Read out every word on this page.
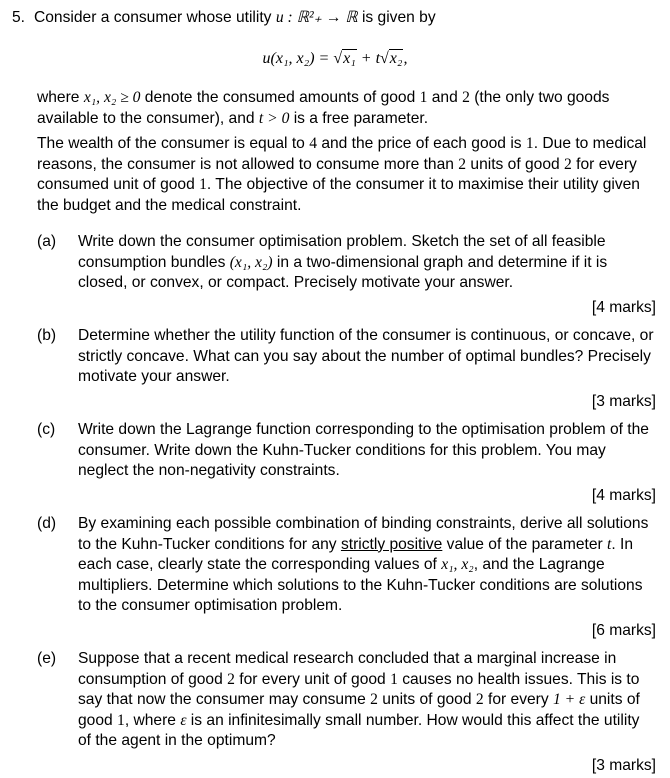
5. Consider a consumer whose utility u : ℝ²₊ → ℝ is given by
u(x₁, x₂) = √x₁ + t√x₂,
where x₁, x₂ ≥ 0 denote the consumed amounts of good 1 and 2 (the only two goods available to the consumer), and t > 0 is a free parameter.
The wealth of the consumer is equal to 4 and the price of each good is 1. Due to medical reasons, the consumer is not allowed to consume more than 2 units of good 2 for every consumed unit of good 1. The objective of the consumer it to maximise their utility given the budget and the medical constraint.
(a)	Write down the consumer optimisation problem. Sketch the set of all feasible consumption bundles (x₁, x₂) in a two-dimensional graph and determine if it is closed, or convex, or compact. Precisely motivate your answer.
[4 marks]
(b)	Determine whether the utility function of the consumer is continuous, or concave, or strictly concave. What can you say about the number of optimal bundles? Precisely motivate your answer.
[3 marks]
(c)	Write down the Lagrange function corresponding to the optimisation problem of the consumer. Write down the Kuhn-Tucker conditions for this problem. You may neglect the non-negativity constraints.
[4 marks]
(d)	By examining each possible combination of binding constraints, derive all solutions to the Kuhn-Tucker conditions for any strictly positive value of the parameter t. In each case, clearly state the corresponding values of x₁, x₂, and the Lagrange multipliers. Determine which solutions to the Kuhn-Tucker conditions are solutions to the consumer optimisation problem.
[6 marks]
(e)	Suppose that a recent medical research concluded that a marginal increase in consumption of good 2 for every unit of good 1 causes no health issues. This is to say that now the consumer may consume 2 units of good 2 for every 1 + ε units of good 1, where ε is an infinitesimally small number. How would this affect the utility of the agent in the optimum?
[3 marks]
